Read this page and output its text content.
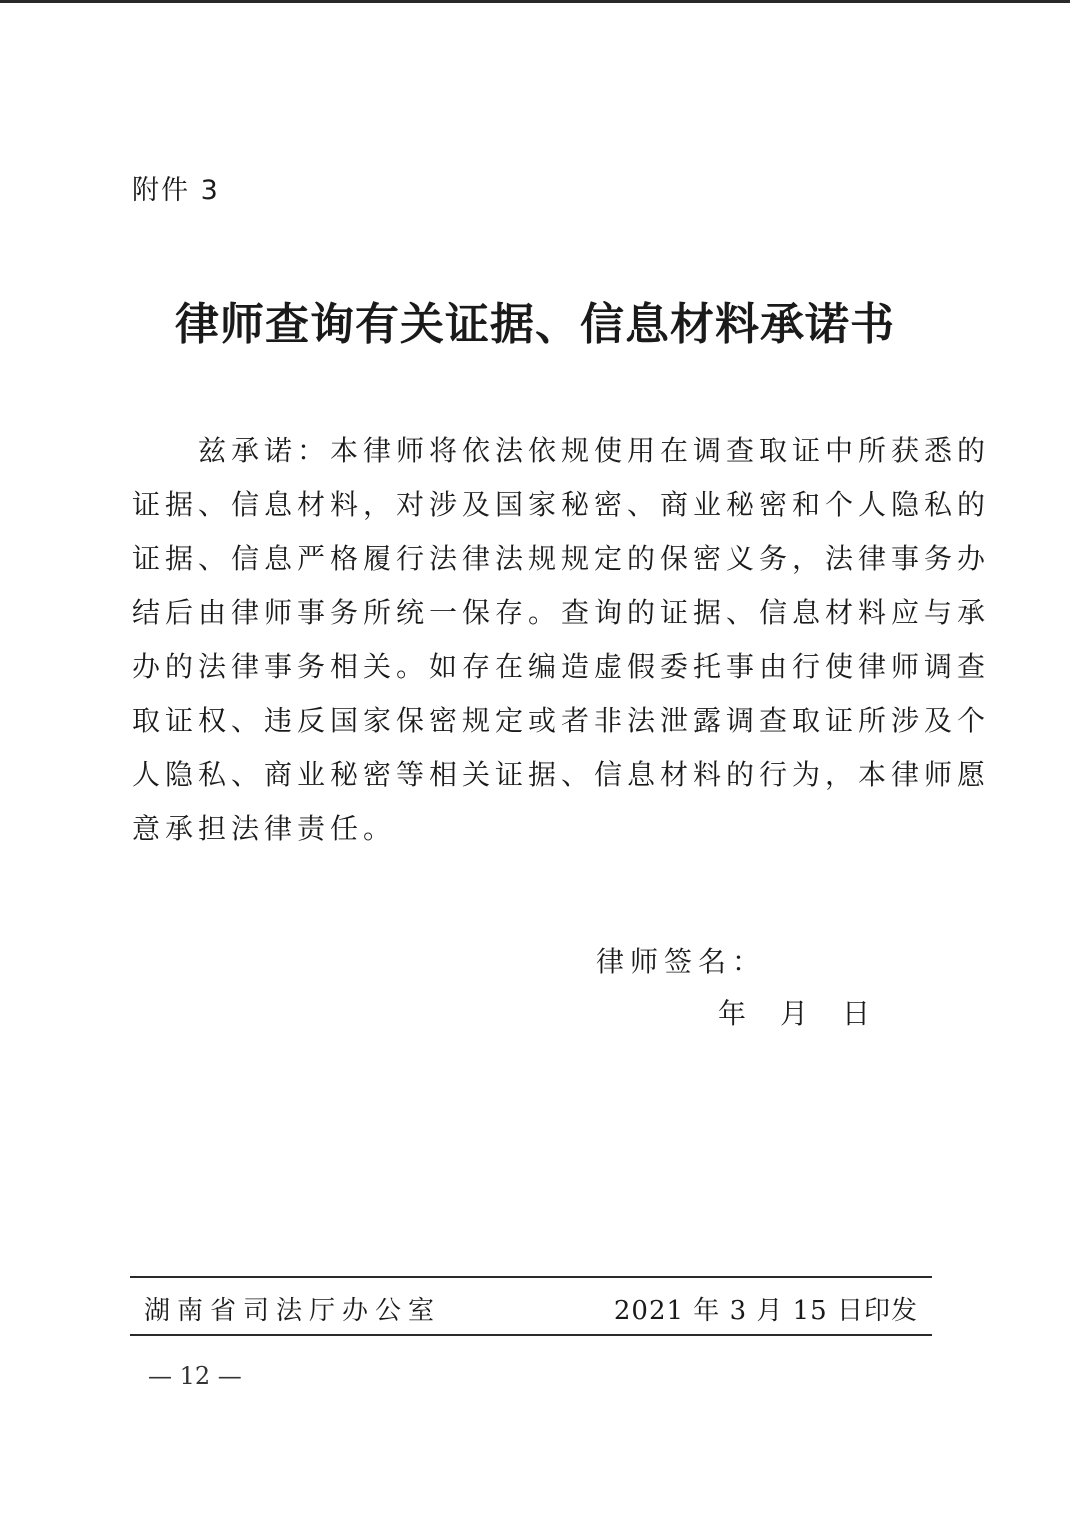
附件 3
律师查询有关证据、信息材料承诺书
　　兹承诺：本律师将依法依规使用在调查取证中所获悉的
证据、信息材料，对涉及国家秘密、商业秘密和个人隐私的
证据、信息严格履行法律法规规定的保密义务，法律事务办
结后由律师事务所统一保存。查询的证据、信息材料应与承
办的法律事务相关。如存在编造虚假委托事由行使律师调查
取证权、违反国家保密规定或者非法泄露调查取证所涉及个
人隐私、商业秘密等相关证据、信息材料的行为，本律师愿
意承担法律责任。
律师签名：
年 月 日
湖南省司法厅办公室	2021 年 3 月 15 日印发
— 12 —
